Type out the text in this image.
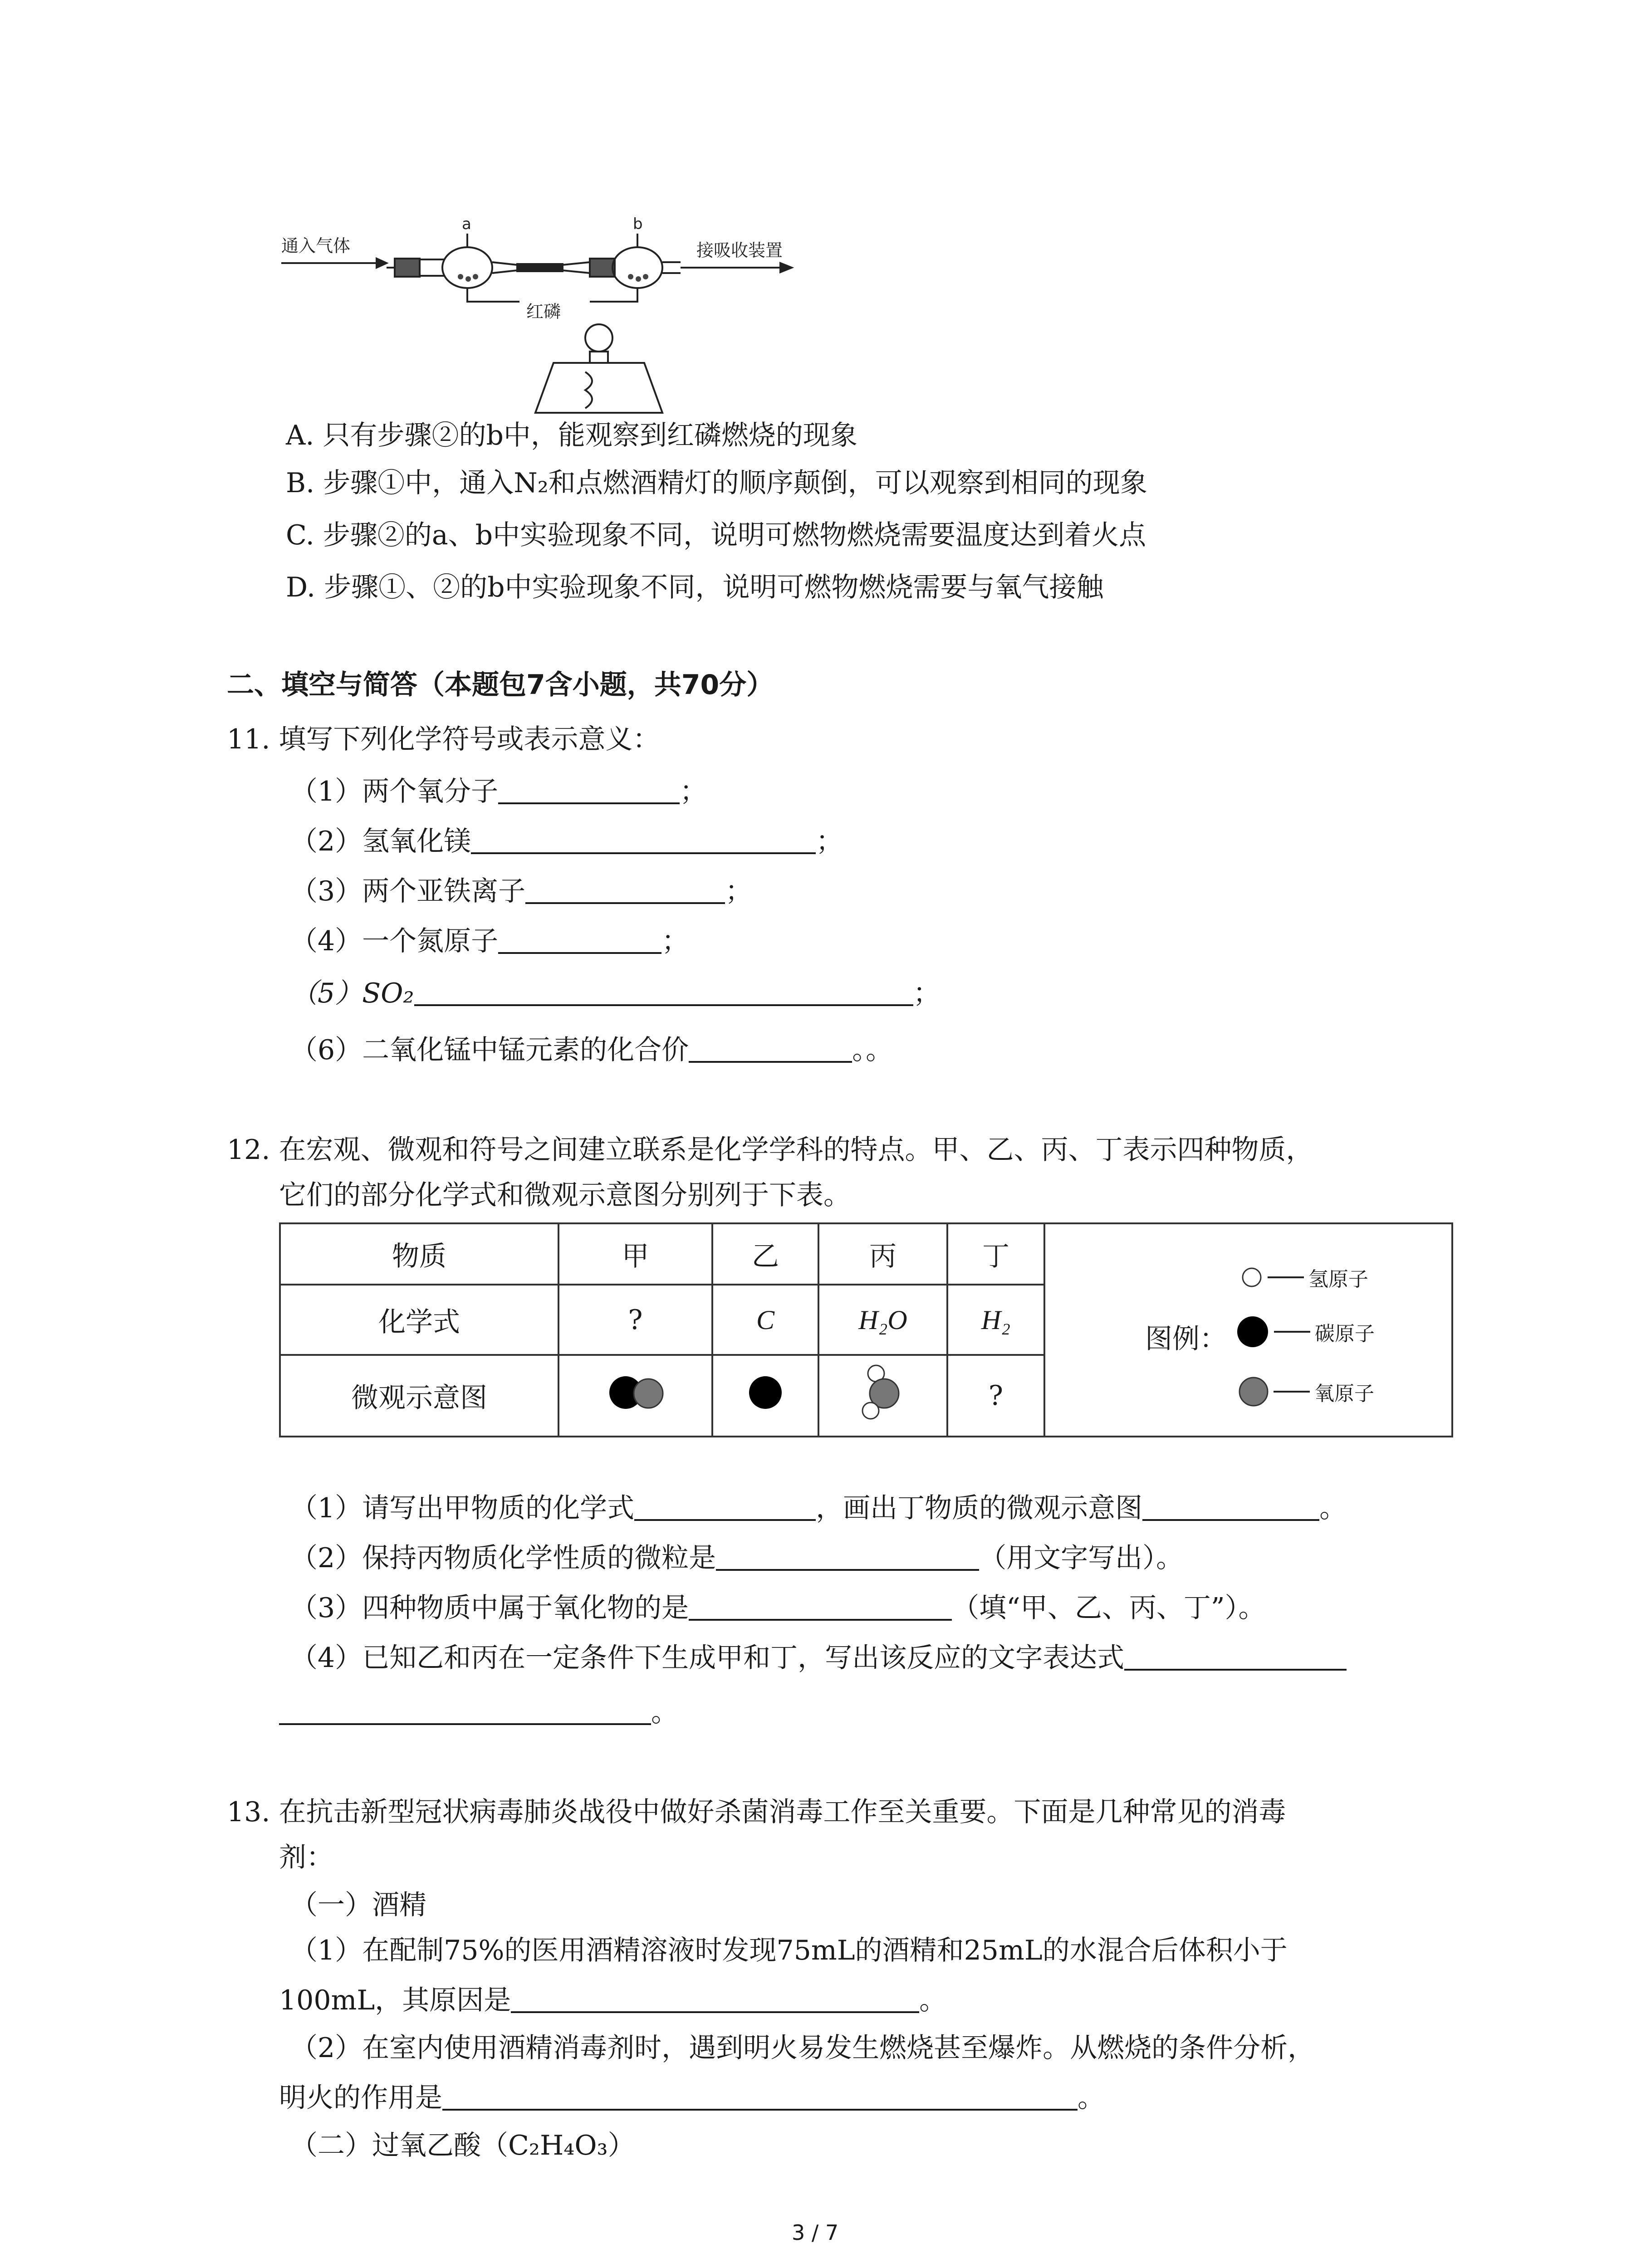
通入气体	接吸收装置
a	b
红磷
A. 只有步骤②的b中，能观察到红磷燃烧的现象
B. 步骤①中，通入N₂和点燃酒精灯的顺序颠倒，可以观察到相同的现象
C. 步骤②的a、b中实验现象不同，说明可燃物燃烧需要温度达到着火点
D. 步骤①、②的b中实验现象不同，说明可燃物燃烧需要与氧气接触
二、填空与简答（本题包7含小题，共70分）
11. 填写下列化学符号或表示意义：
（1）两个氧分子	；
（2）氢氧化镁	；
（3）两个亚铁离子	；
（4）一个氮原子	；
（5）SO₂	；
（6）二氧化锰中锰元素的化合价	。。
12. 在宏观、微观和符号之间建立联系是化学学科的特点。甲、乙、丙、丁表示四种物质，
它们的部分化学式和微观示意图分别列于下表。
物质	甲	乙	丙	丁	图例：
氢原子
碳原子
氧原子

化学式	?	C	H₂O	H₂	
微观示意图				?	
（1）请写出甲物质的化学式	，画出丁物质的微观示意图	。
（2）保持丙物质化学性质的微粒是	（用文字写出）。
（3）四种物质中属于氧化物的是	（填“甲、乙、丙、丁”）。
（4）已知乙和丙在一定条件下生成甲和丁，写出该反应的文字表达式
。
13. 在抗击新型冠状病毒肺炎战役中做好杀菌消毒工作至关重要。下面是几种常见的消毒
剂：
（一）酒精
（1）在配制75%的医用酒精溶液时发现75mL的酒精和25mL的水混合后体积小于
100mL，其原因是	。
（2）在室内使用酒精消毒剂时，遇到明火易发生燃烧甚至爆炸。从燃烧的条件分析，
明火的作用是	。
（二）过氧乙酸（C₂H₄O₃）
3 / 7
